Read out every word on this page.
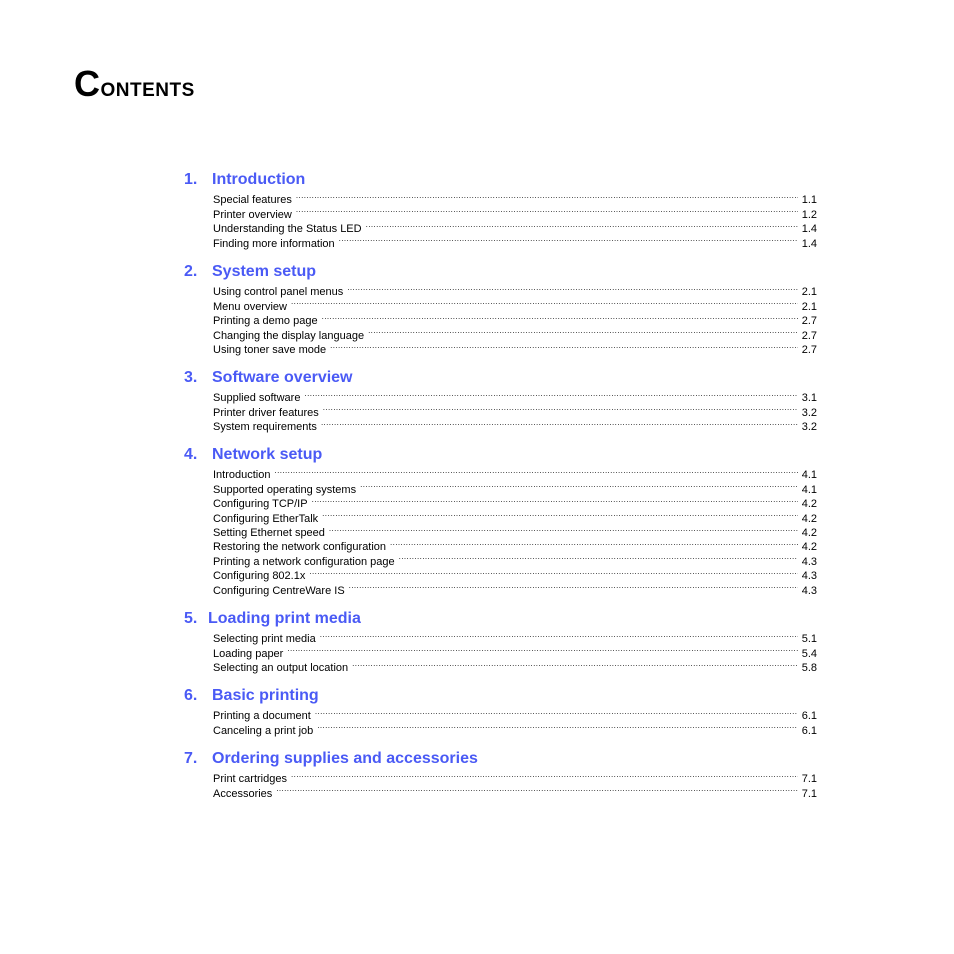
Contents
1. Introduction
Special features .....	1.1
Printer overview .....	1.2
Understanding the Status LED .....	1.4
Finding more information .....	1.4
2. System setup
Using control panel menus .....	2.1
Menu overview .....	2.1
Printing a demo page .....	2.7
Changing the display language .....	2.7
Using toner save mode .....	2.7
3. Software overview
Supplied software .....	3.1
Printer driver features .....	3.2
System requirements .....	3.2
4. Network setup
Introduction .....	4.1
Supported operating systems .....	4.1
Configuring TCP/IP .....	4.2
Configuring EtherTalk .....	4.2
Setting Ethernet speed .....	4.2
Restoring the network configuration .....	4.2
Printing a network configuration page .....	4.3
Configuring 802.1x .....	4.3
Configuring CentreWare IS .....	4.3
5. Loading print media
Selecting print media .....	5.1
Loading paper .....	5.4
Selecting an output location .....	5.8
6. Basic printing
Printing a document .....	6.1
Canceling a print job .....	6.1
7. Ordering supplies and accessories
Print cartridges .....	7.1
Accessories .....	7.1
